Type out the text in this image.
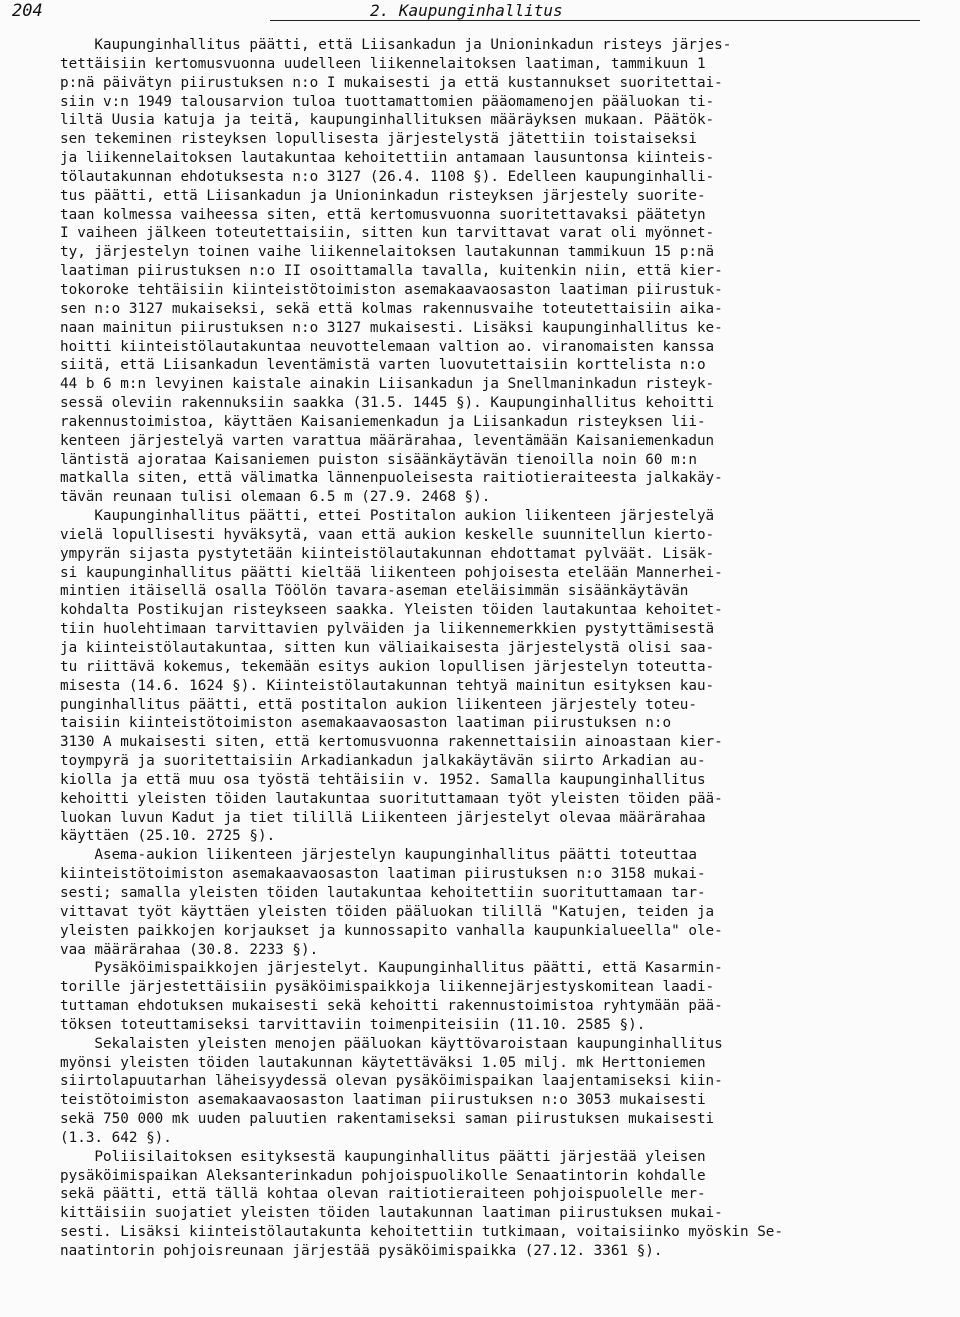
204	2. Kaupunginhallitus
Kaupunginhallitus päätti, että Liisankadun ja Unioninkadun risteys järjes-
tettäisiin kertomusvuonna uudelleen liikennelaitoksen laatiman, tammikuun 1
p:nä päivätyn piirustuksen n:o I mukaisesti ja että kustannukset suoritettai-
siin v:n 1949 talousarvion tuloa tuottamattomien pääomamenojen pääluokan ti-
liltä Uusia katuja ja teitä, kaupunginhallituksen määräyksen mukaan. Päätök-
sen tekeminen risteyksen lopullisesta järjestelystä jätettiin toistaiseksi
ja liikennelaitoksen lautakuntaa kehoitettiin antamaan lausuntonsa kiinteis-
tölautakunnan ehdotuksesta n:o 3127 (26.4. 1108 §). Edelleen kaupunginhalli-
tus päätti, että Liisankadun ja Unioninkadun risteyksen järjestely suorite-
taan kolmessa vaiheessa siten, että kertomusvuonna suoritettavaksi päätetyn
I vaiheen jälkeen toteutettaisiin, sitten kun tarvittavat varat oli myönnet-
ty, järjestelyn toinen vaihe liikennelaitoksen lautakunnan tammikuun 15 p:nä
laatiman piirustuksen n:o II osoittamalla tavalla, kuitenkin niin, että kier-
tokoroke tehtäisiin kiinteistötoimiston asemakaavaosaston laatiman piirustuk-
sen n:o 3127 mukaiseksi, sekä että kolmas rakennusvaihe toteutettaisiin aika-
naan mainitun piirustuksen n:o 3127 mukaisesti. Lisäksi kaupunginhallitus ke-
hoitti kiinteistölautakuntaa neuvottelemaan valtion ao. viranomaisten kanssa
siitä, että Liisankadun leventämistä varten luovutettaisiin korttelista n:o
44 b 6 m:n levyinen kaistale ainakin Liisankadun ja Snellmaninkadun risteyk-
sessä oleviin rakennuksiin saakka (31.5. 1445 §). Kaupunginhallitus kehoitti
rakennustoimistoa, käyttäen Kaisaniemenkadun ja Liisankadun risteyksen lii-
kenteen järjestelyä varten varattua määrärahaa, leventämään Kaisaniemenkadun
läntistä ajorataa Kaisaniemen puiston sisäänkäytävän tienoilla noin 60 m:n
matkalla siten, että välimatka lännenpuoleisesta raitiotieraiteesta jalkakäy-
tävän reunaan tulisi olemaan 6.5 m (27.9. 2468 §).
Kaupunginhallitus päätti, ettei Postitalon aukion liikenteen järjestelyä
vielä lopullisesti hyväksytä, vaan että aukion keskelle suunnitellun kierto-
ympyrän sijasta pystytetään kiinteistölautakunnan ehdottamat pylväät. Lisäk-
si kaupunginhallitus päätti kieltää liikenteen pohjoisesta etelään Mannerhei-
mintien itäisellä osalla Töölön tavara-aseman eteläisimmän sisäänkäytävän
kohdalta Postikujan risteykseen saakka. Yleisten töiden lautakuntaa kehoitet-
tiin huolehtimaan tarvittavien pylväiden ja liikennemerkkien pystyttämisestä
ja kiinteistölautakuntaa, sitten kun väliaikaisesta järjestelystä olisi saa-
tu riittävä kokemus, tekemään esitys aukion lopullisen järjestelyn toteutta-
misesta (14.6. 1624 §). Kiinteistölautakunnan tehtyä mainitun esityksen kau-
punginhallitus päätti, että postitalon aukion liikenteen järjestely toteu-
taisiin kiinteistötoimiston asemakaavaosaston laatiman piirustuksen n:o
3130 A mukaisesti siten, että kertomusvuonna rakennettaisiin ainoastaan kier-
toympyrä ja suoritettaisiin Arkadiankadun jalkakäytävän siirto Arkadian au-
kiolla ja että muu osa työstä tehtäisiin v. 1952. Samalla kaupunginhallitus
kehoitti yleisten töiden lautakuntaa suorituttamaan työt yleisten töiden pää-
luokan luvun Kadut ja tiet tilillä Liikenteen järjestelyt olevaa määrärahaa
käyttäen (25.10. 2725 §).
Asema-aukion liikenteen järjestelyn kaupunginhallitus päätti toteuttaa
kiinteistötoimiston asemakaavaosaston laatiman piirustuksen n:o 3158 mukai-
sesti; samalla yleisten töiden lautakuntaa kehoitettiin suorituttamaan tar-
vittavat työt käyttäen yleisten töiden pääluokan tilillä "Katujen, teiden ja
yleisten paikkojen korjaukset ja kunnossapito vanhalla kaupunkialueella" ole-
vaa määrärahaa (30.8. 2233 §).
Pysäköimispaikkojen järjestelyt. Kaupunginhallitus päätti, että Kasarmin-
torille järjestettäisiin pysäköimispaikkoja liikennejärjestyskomitean laadi-
tuttaman ehdotuksen mukaisesti sekä kehoitti rakennustoimistoa ryhtymään pää-
töksen toteuttamiseksi tarvittaviin toimenpiteisiin (11.10. 2585 §).
Sekalaisten yleisten menojen pääluokan käyttövaroistaan kaupunginhallitus
myönsi yleisten töiden lautakunnan käytettäväksi 1.05 milj. mk Herttoniemen
siirtolapuutarhan läheisyydessä olevan pysäköimispaikan laajentamiseksi kiin-
teistötoimiston asemakaavaosaston laatiman piirustuksen n:o 3053 mukaisesti
sekä 750 000 mk uuden paluutien rakentamiseksi saman piirustuksen mukaisesti
(1.3. 642 §).
Poliisilaitoksen esityksestä kaupunginhallitus päätti järjestää yleisen
pysäköimispaikan Aleksanterinkadun pohjoispuolikolle Senaatintorin kohdalle
sekä päätti, että tällä kohtaa olevan raitiotieraiteen pohjoispuolelle mer-
kittäisiin suojatiet yleisten töiden lautakunnan laatiman piirustuksen mukai-
sesti. Lisäksi kiinteistölautakunta kehoitettiin tutkimaan, voitaisiinko myöskin Se-
naatintorin pohjoisreunaan järjestää pysäköimispaikka (27.12. 3361 §).
